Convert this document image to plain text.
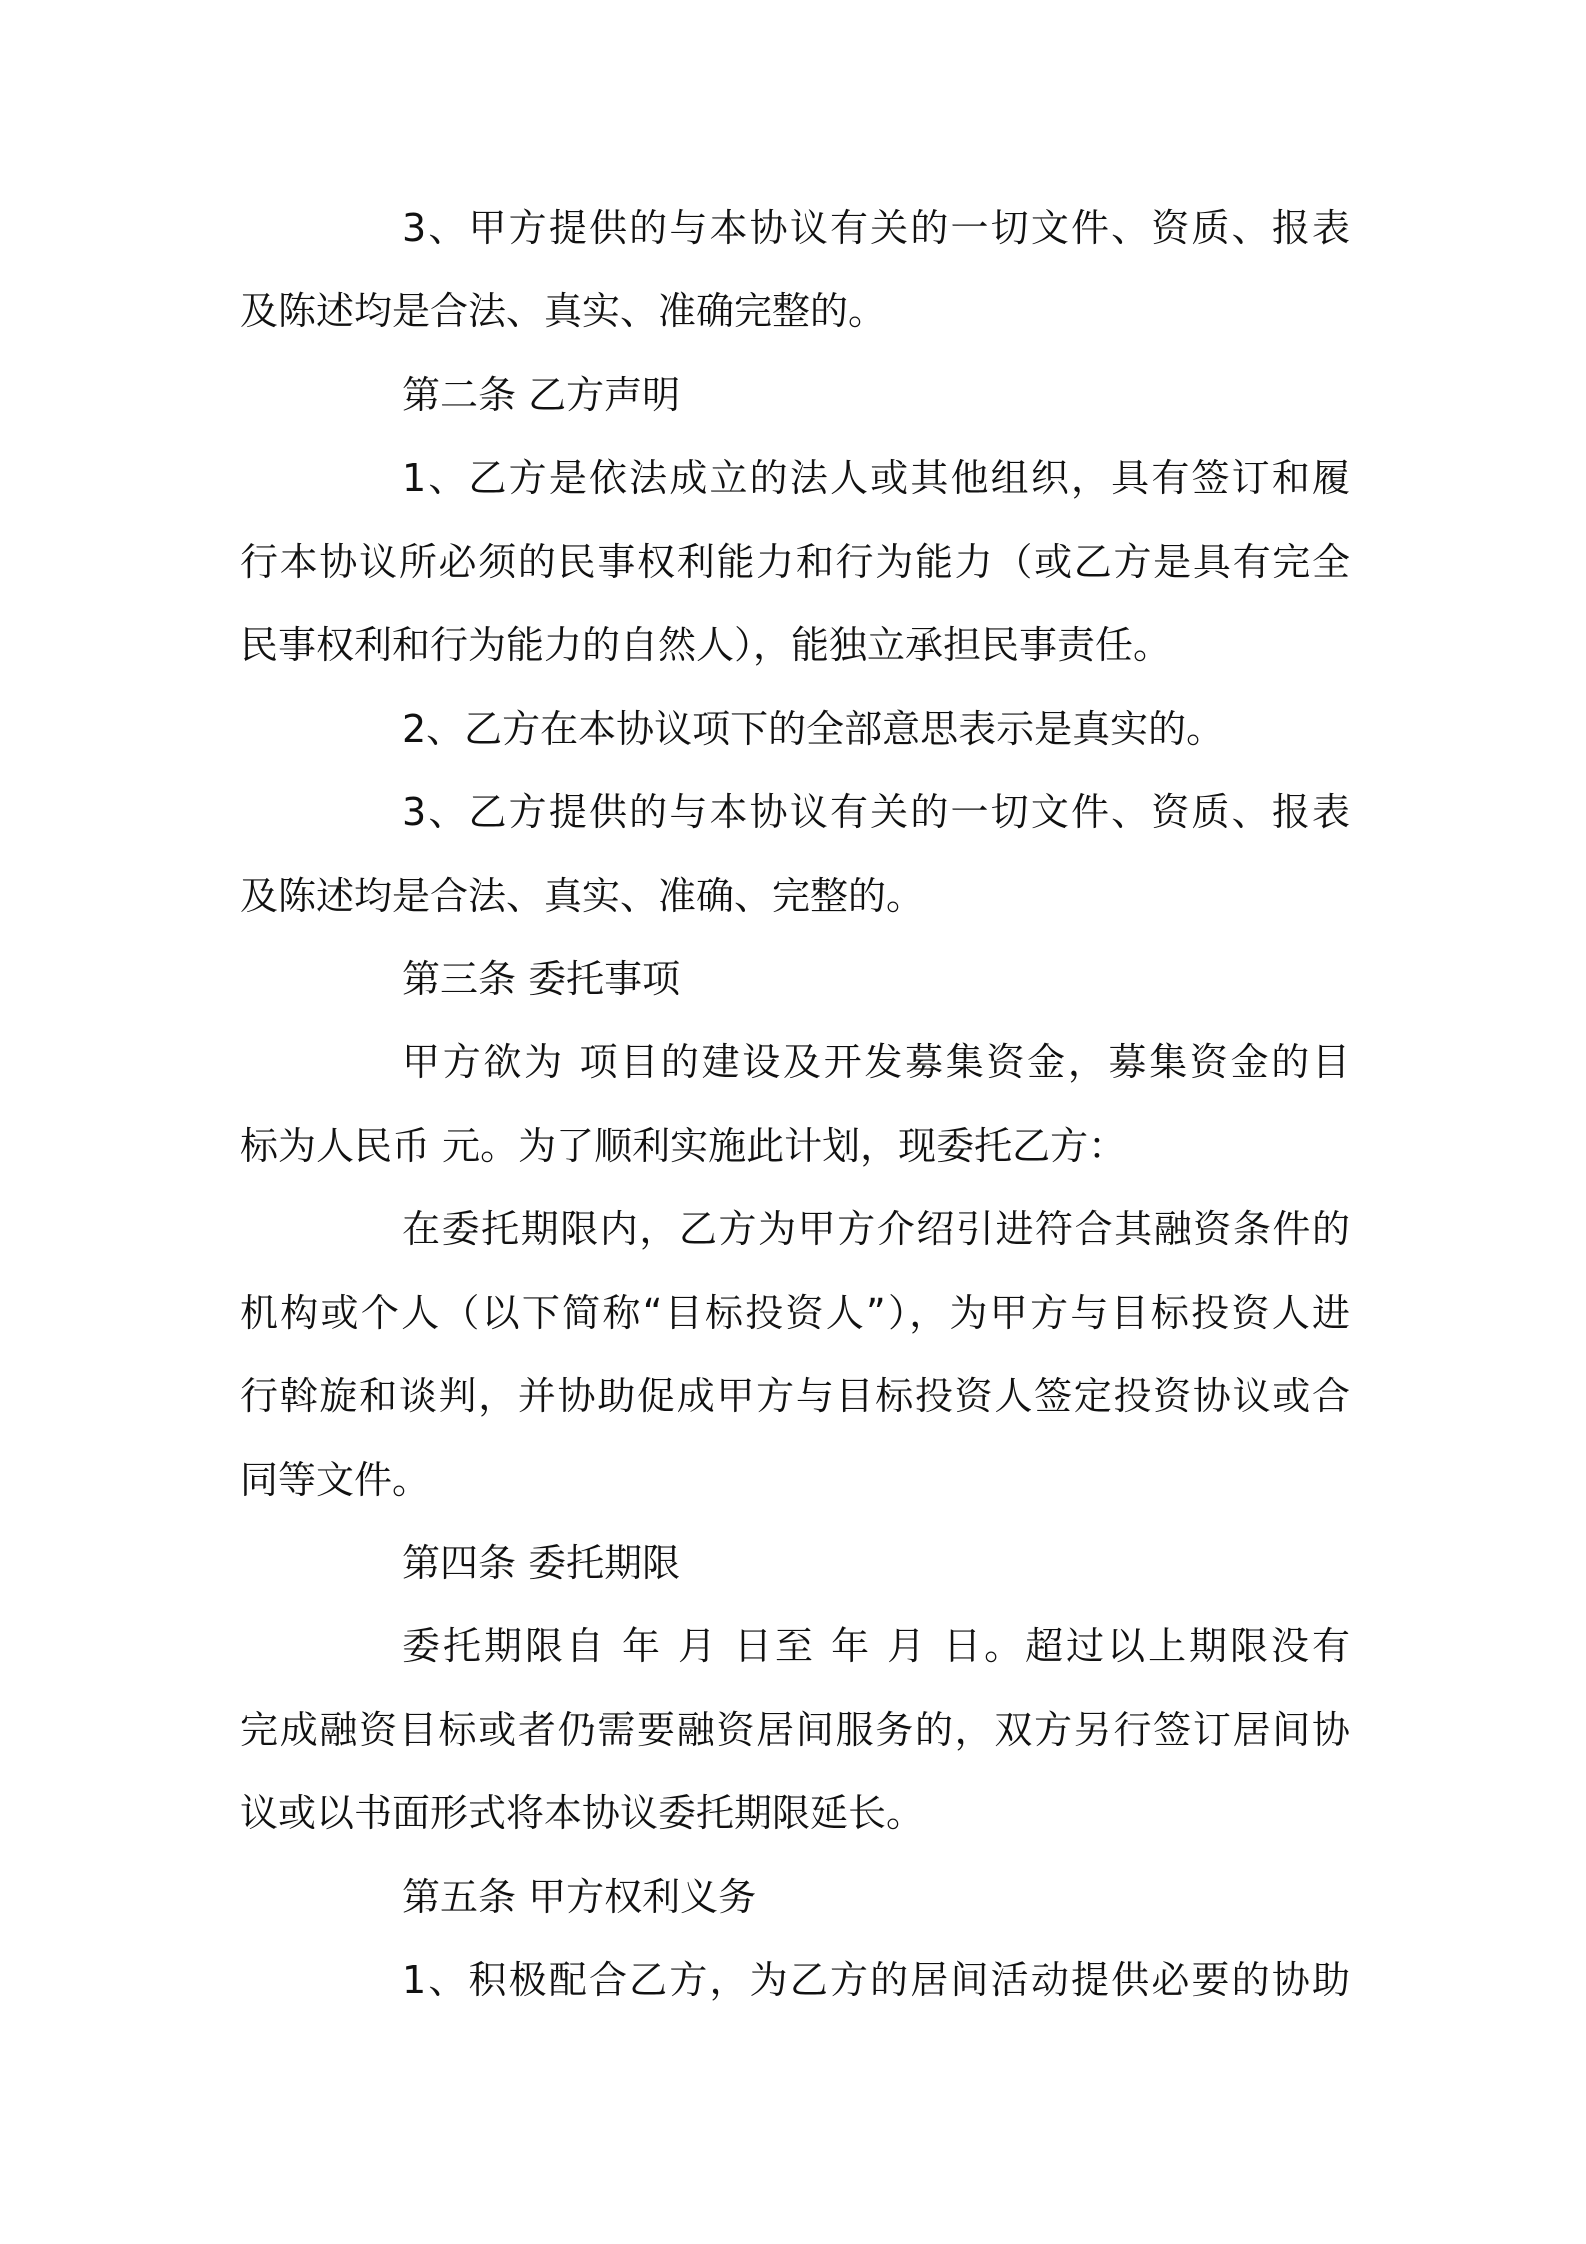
3、甲方提供的与本协议有关的一切文件、资质、报表
及陈述均是合法、真实、准确完整的。
第二条 乙方声明
1、乙方是依法成立的法人或其他组织，具有签订和履
行本协议所必须的民事权利能力和行为能力（或乙方是具有完全
民事权利和行为能力的自然人），能独立承担民事责任。
2、乙方在本协议项下的全部意思表示是真实的。
3、乙方提供的与本协议有关的一切文件、资质、报表
及陈述均是合法、真实、准确、完整的。
第三条 委托事项
甲方欲为 项目的建设及开发募集资金，募集资金的目
标为人民币 元。为了顺利实施此计划，现委托乙方：
在委托期限内，乙方为甲方介绍引进符合其融资条件的
机构或个人（以下简称“目标投资人”），为甲方与目标投资人进
行斡旋和谈判，并协助促成甲方与目标投资人签定投资协议或合
同等文件。
第四条 委托期限
委托期限自 年 月 日至 年 月 日。超过以上期限没有
完成融资目标或者仍需要融资居间服务的，双方另行签订居间协
议或以书面形式将本协议委托期限延长。
第五条 甲方权利义务
1、积极配合乙方，为乙方的居间活动提供必要的协助
